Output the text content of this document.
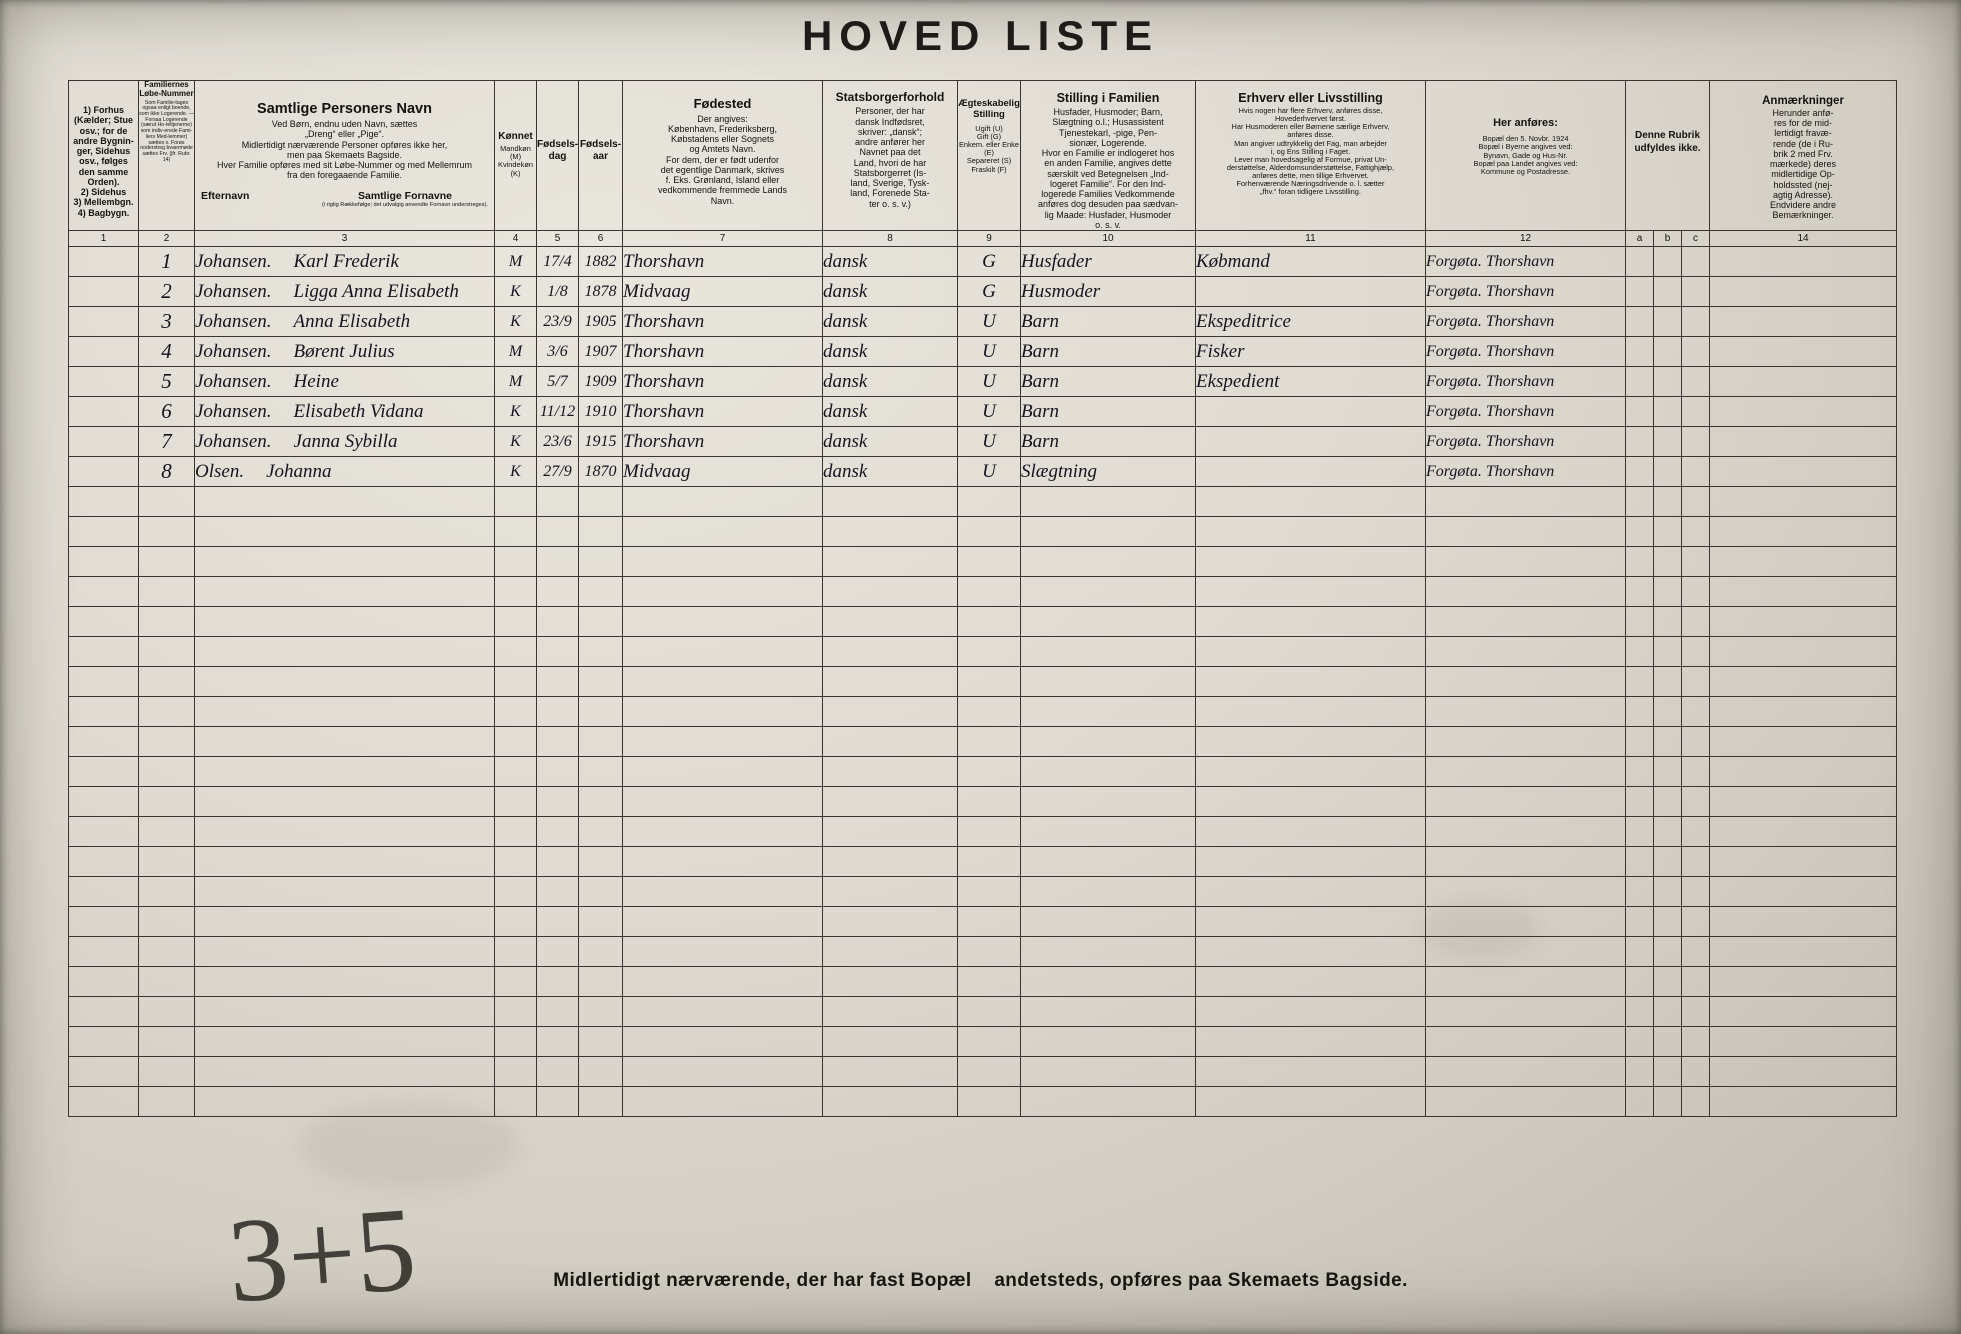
HOVED LISTE
1) Forhus
(Kælder; Stue
osv.; for de
andre Bygnin-
ger, Sidehus
osv., følges
den samme
Orden).
2) Sidehus
3) Mellembgn.
4) Bagbygn.

Familiernes Løbe-Nummer
Som Familie-tages ogsaa enligt boende, som ikke Logerende. — Forsaa Logerende (særut Ho-teltjenerne) som indiv-erede Fami-liers Med-lemmer) sættes x. Forøs noderstreg bvaermøde sættes Frv. (jfr. Rubr. 14)

Samtlige Personers Navn
Ved Børn, endnu uden Navn, sættes
„Dreng“ eller „Pige“.
Midlertidigt nærværende Personer opføres ikke her,
men paa Skemaets Bagside.
Hver Familie opføres med sit Løbe-Nummer og med Mellemrum
fra den foregaaende Familie.
Efternavn	Samtlige Fornavne
(i rigtig Rækkefølge; det udvalgig anvendte Fornavn understreges).

Kønnet
Mandkøn (M)
Kvindekøn (K)

Fødsels-dag

Fødsels-aar

Fødested
Der angives:
København, Frederiksberg,
Købstadens eller Sognets
og Amtets Navn.
For dem, der er født udenfor
det egentlige Danmark, skrives
f. Eks. Grønland, Island eller
vedkommende fremmede Lands
Navn.

Statsborgerforhold
Personer, der har
dansk Indfødsret,
skriver: „dansk“;
andre anfører her
Navnet paa det
Land, hvori de har
Statsborgerret (Is-
land, Sverige, Tysk-
land, Forenede Sta-
ter o. s. v.)

Ægteskabelig Stilling
Ugift (U)
Gift (G)
Enkem. eller Enke (E)
Separeret (S)
Fraskilt (F)

Stilling i Familien
Husfader, Husmoder; Barn,
Slægtning o.l.; Husassistent
Tjenestekarl, -pige, Pen-
sionær, Logerende.
Hvor en Familie er indlogeret hos
en anden Familie, angives dette
særskilt ved Betegnelsen „Ind-
logeret Familie“. For den Ind-
logerede Families Vedkommende
anføres dog desuden paa sædvan-
lig Maade: Husfader, Husmoder
o. s. v.

Erhverv eller Livsstilling
Hvis nogen har flere Erhverv, anføres disse,
Hovederhvervet først.
Har Husmoderen eller Børnene særlige Erhverv,
anføres disse.
Man angiver udtrykkelig det Fag, man arbejder
i, og Ens Stilling i Faget.
Lever man hovedsagelig af Formue, privat Un-
derstøttelse, Alderdomsunderstøttelse, Fattighjælp,
anføres dette, men tillige Erhvervet.
Forhenværende Næringsdrivende o. l. sætter
„fhv.“ foran tidligere Livsstilling.

Her anføres:
Bopæl den 5. Novbr. 1924
Bopæl i Byerne angives ved:
Bynavn, Gade og Hus-Nr.
Bopæl paa Landet angives ved:
Kommune og Postadresse.

Denne Rubrik udfyldes ikke.

Anmærkninger
Herunder anfø-
res for de mid-
lertidigt fravæ-
rende (de i Ru-
brik 2 med Frv.
mærkede) deres
midlertidige Op-
holdssted (nej-
agtig Adresse).
Endvidere andre
Bemærkninger.

1	2	3	4	5	6	7	8	9	10	11	12	a	b	c	14
	1	Johansen. Karl Frederik	M	17/4	1882	Thorshavn	dansk	G	Husfader	Købmand	Forgøta. Thorshavn				
	2	Johansen. Ligga Anna Elisabeth	K	1/8	1878	Midvaag	dansk	G	Husmoder		Forgøta. Thorshavn				
	3	Johansen. Anna Elisabeth	K	23/9	1905	Thorshavn	dansk	U	Barn	Ekspeditrice	Forgøta. Thorshavn				
	4	Johansen. Børent Julius	M	3/6	1907	Thorshavn	dansk	U	Barn	Fisker	Forgøta. Thorshavn				
	5	Johansen. Heine	M	5/7	1909	Thorshavn	dansk	U	Barn	Ekspedient	Forgøta. Thorshavn				
	6	Johansen. Elisabeth Vidana	K	11/12	1910	Thorshavn	dansk	U	Barn		Forgøta. Thorshavn				
	7	Johansen. Janna Sybilla	K	23/6	1915	Thorshavn	dansk	U	Barn		Forgøta. Thorshavn				
	8	Olsen. Johanna	K	27/9	1870	Midvaag	dansk	U	Slægtning		Forgøta. Thorshavn				

Midlertidigt nærværende, der har fast Bopæl andetsteds, opføres paa Skemaets Bagside.
3+5
